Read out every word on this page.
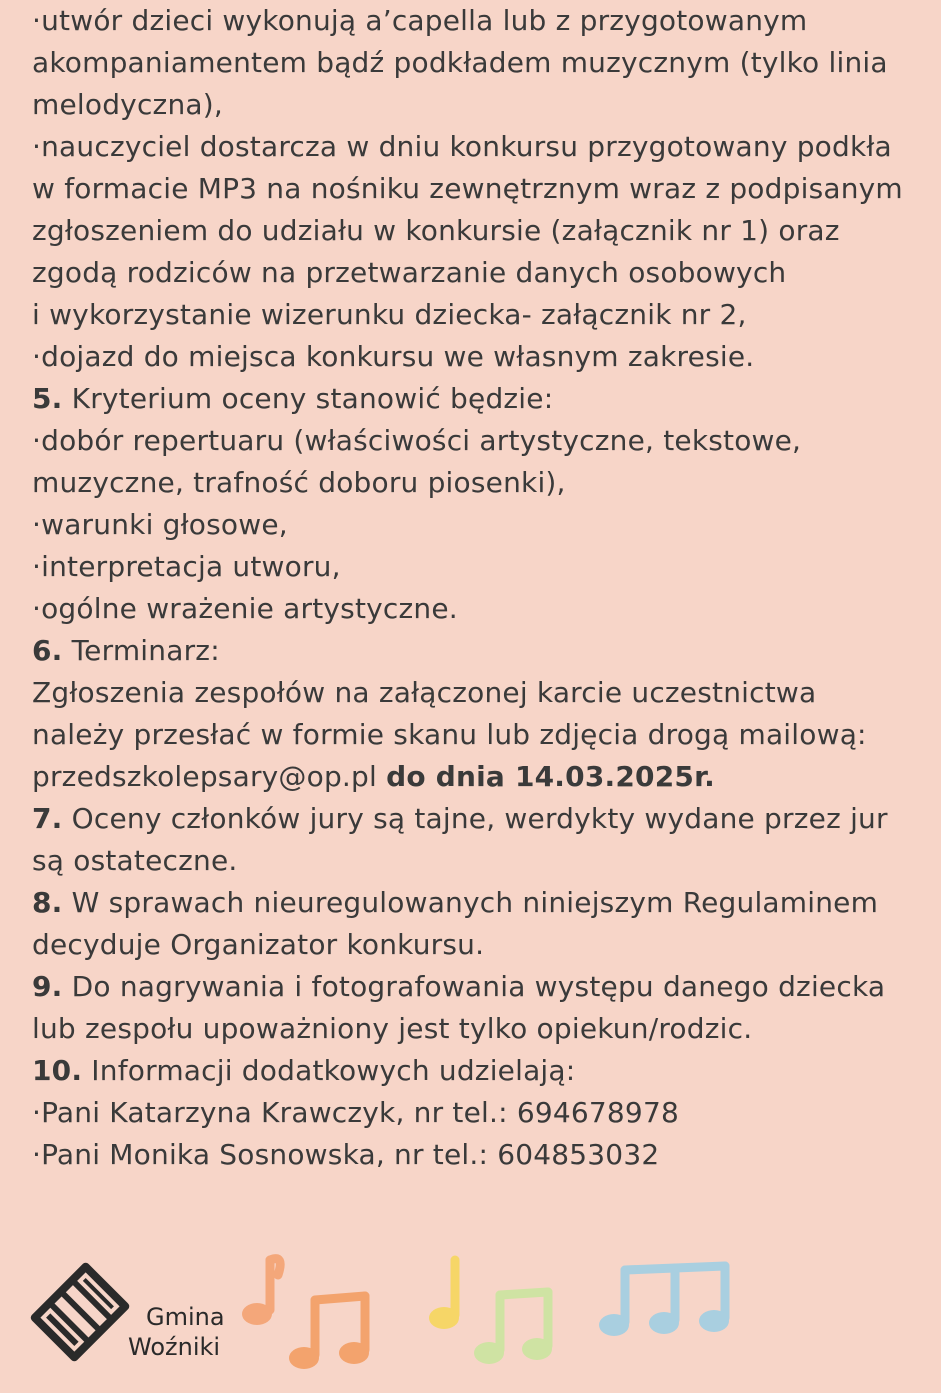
·utwór dzieci wykonują a’capella lub z przygotowanym
akompaniamentem bądź podkładem muzycznym (tylko linia
melodyczna),
·nauczyciel dostarcza w dniu konkursu przygotowany podkła
w formacie MP3 na nośniku zewnętrznym wraz z podpisanym
zgłoszeniem do udziału w konkursie (załącznik nr 1) oraz
zgodą rodziców na przetwarzanie danych osobowych
i wykorzystanie wizerunku dziecka- załącznik nr 2,
·dojazd do miejsca konkursu we własnym zakresie.
5. Kryterium oceny stanowić będzie:
·dobór repertuaru (właściwości artystyczne, tekstowe,
muzyczne, trafność doboru piosenki),
·warunki głosowe,
·interpretacja utworu,
·ogólne wrażenie artystyczne.
6. Terminarz:
Zgłoszenia zespołów na załączonej karcie uczestnictwa
należy przesłać w formie skanu lub zdjęcia drogą mailową:
przedszkolepsary@op.pl do dnia 14.03.2025r.
7. Oceny członków jury są tajne, werdykty wydane przez jur
są ostateczne.
8. W sprawach nieuregulowanych niniejszym Regulaminem
decyduje Organizator konkursu.
9. Do nagrywania i fotografowania występu danego dziecka
lub zespołu upoważniony jest tylko opiekun/rodzic.
10. Informacji dodatkowych udzielają:
·Pani Katarzyna Krawczyk, nr tel.: 694678978
·Pani Monika Sosnowska, nr tel.: 604853032
Gmina
Woźniki
